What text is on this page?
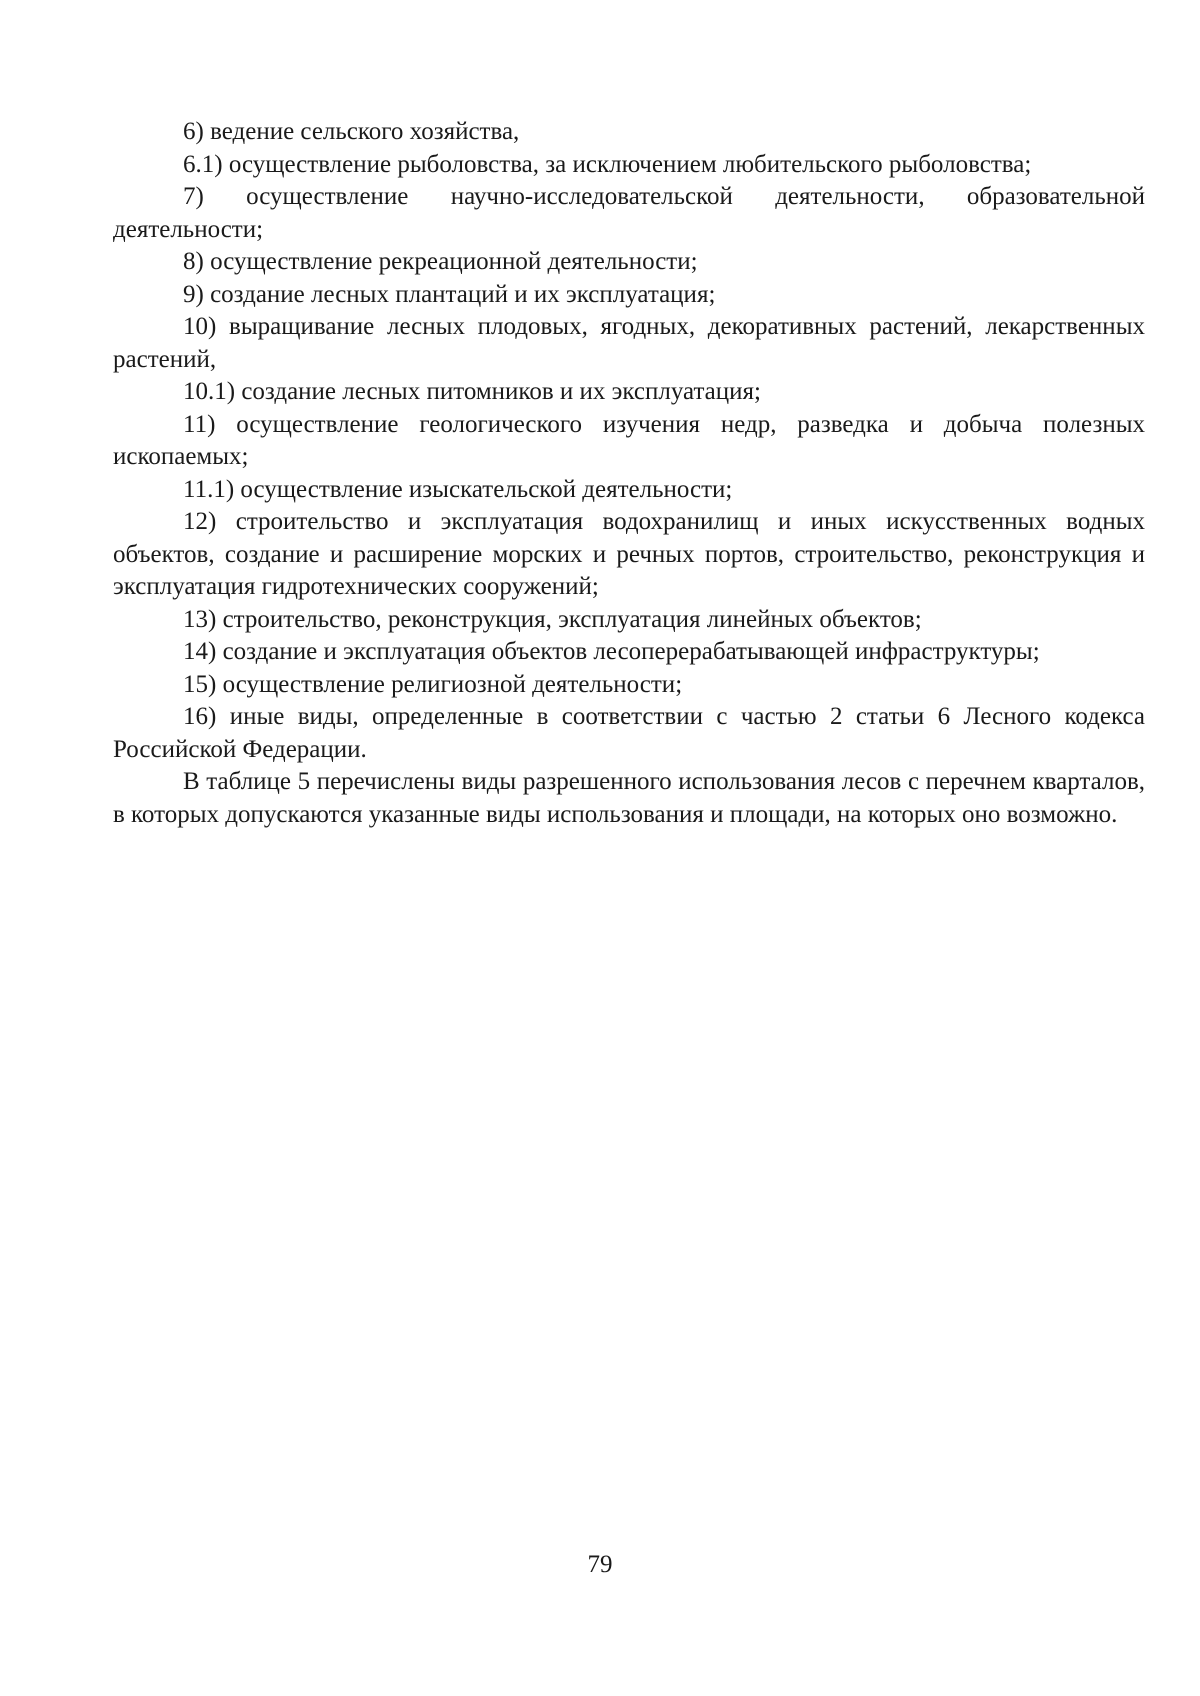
6) ведение сельского хозяйства,

6.1) осуществление рыболовства, за исключением любительского рыболовства;

7) осуществление научно-исследовательской деятельности, образовательной деятельности;

8) осуществление рекреационной деятельности;

9) создание лесных плантаций и их эксплуатация;

10) выращивание лесных плодовых, ягодных, декоративных растений, лекарственных растений,

10.1) создание лесных питомников и их эксплуатация;

11) осуществление геологического изучения недр, разведка и добыча полезных ископаемых;

11.1) осуществление изыскательской деятельности;

12) строительство и эксплуатация водохранилищ и иных искусственных водных объектов, создание и расширение морских и речных портов, строительство, реконструкция и эксплуатация гидротехнических сооружений;

13) строительство, реконструкция, эксплуатация линейных объектов;

14) создание и эксплуатация объектов лесоперерабатывающей инфраструктуры;

15) осуществление религиозной деятельности;

16) иные виды, определенные в соответствии с частью 2 статьи 6 Лесного кодекса Российской Федерации.

В таблице 5 перечислены виды разрешенного использования лесов с перечнем кварталов, в которых допускаются указанные виды использования и площади, на которых оно возможно.

79
